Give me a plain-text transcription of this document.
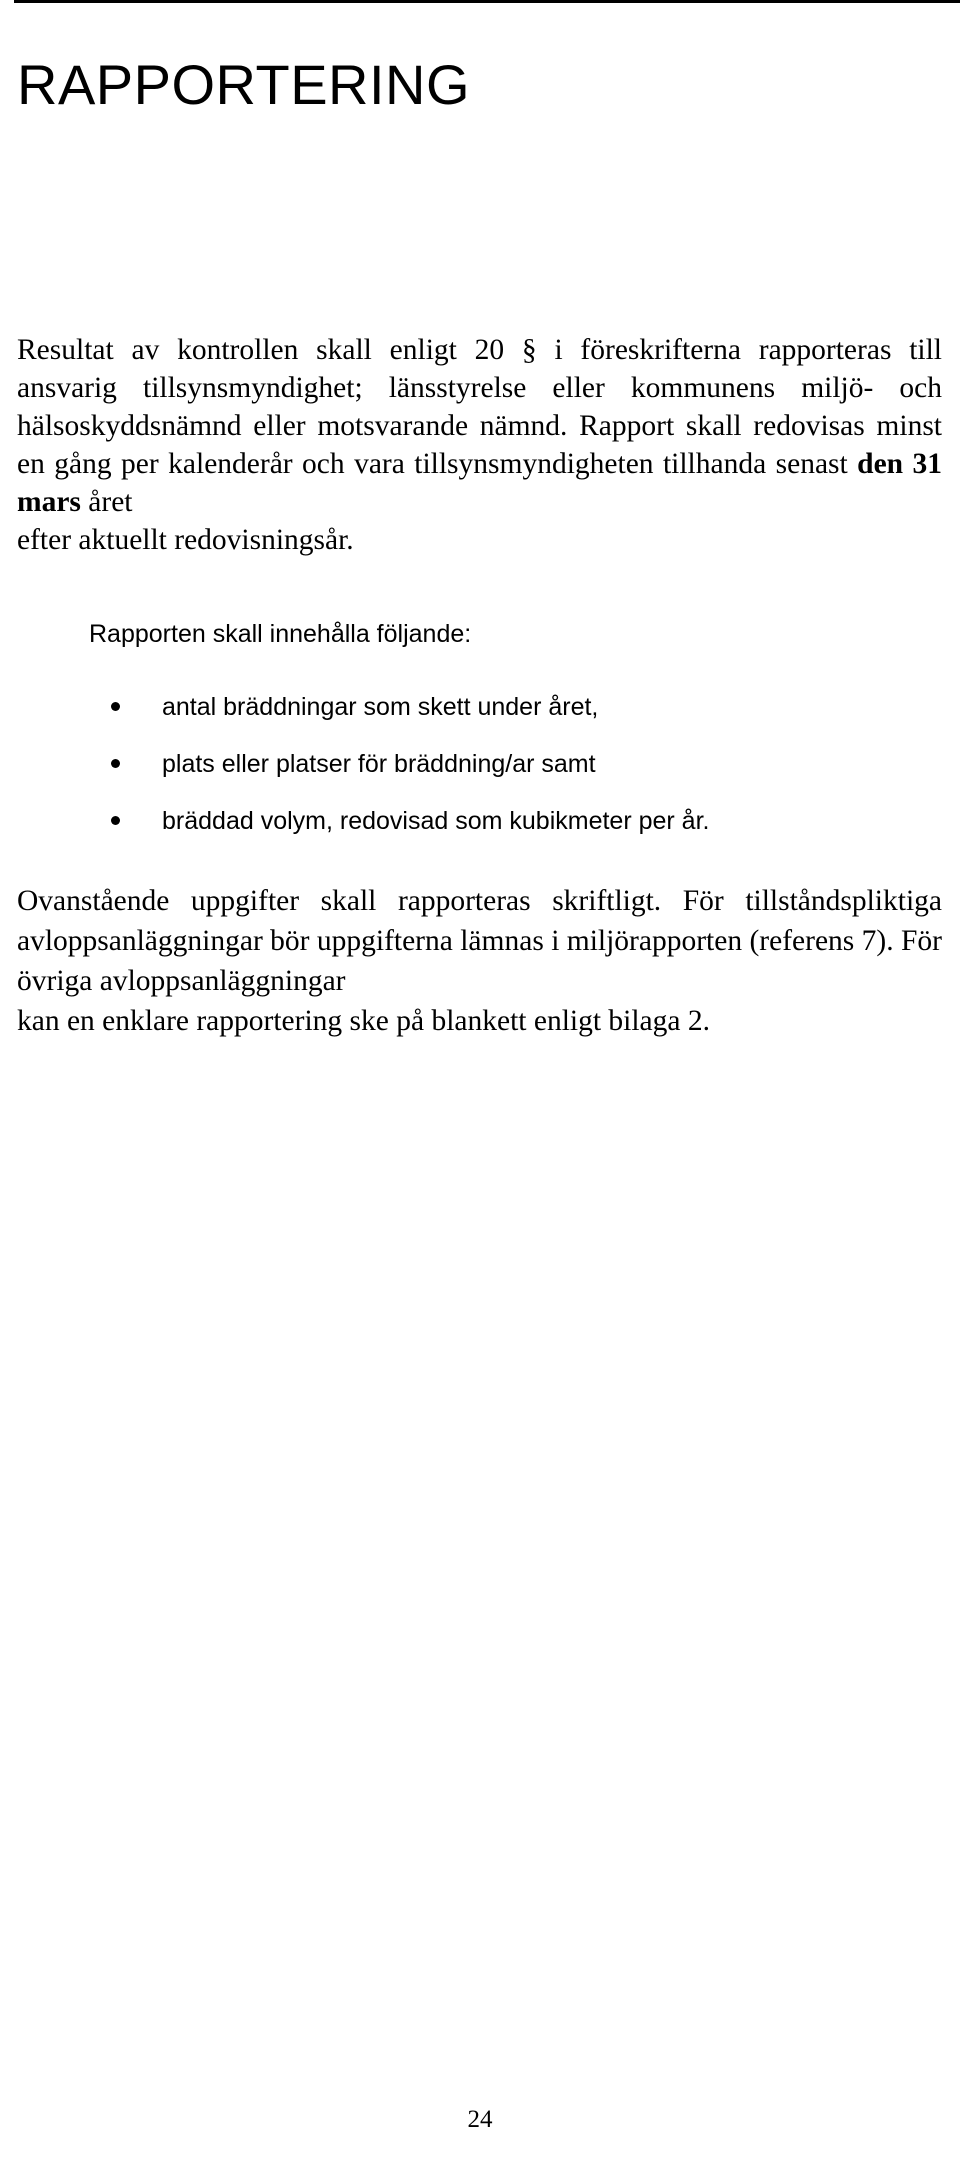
RAPPORTERING

Resultat av kontrollen skall enligt 20 § i föreskrifterna rapporteras till ansvarig tillsynsmyndighet; länsstyrelse eller kommunens miljö- och hälsoskyddsnämnd eller motsvarande nämnd. Rapport skall redovisas minst en gång per kalenderår och vara tillsynsmyndigheten tillhanda senast den 31 mars året
efter aktuellt redovisningsår.

Rapporten skall innehålla följande:

antal bräddningar som skett under året,
plats eller platser för bräddning/ar samt
bräddad volym, redovisad som kubikmeter per år.

Ovanstående uppgifter skall rapporteras skriftligt. För tillståndspliktiga avloppsanläggningar bör uppgifterna lämnas i miljörapporten (referens 7). För övriga avloppsanläggningar
kan en enklare rapportering ske på blankett enligt bilaga 2.

24
